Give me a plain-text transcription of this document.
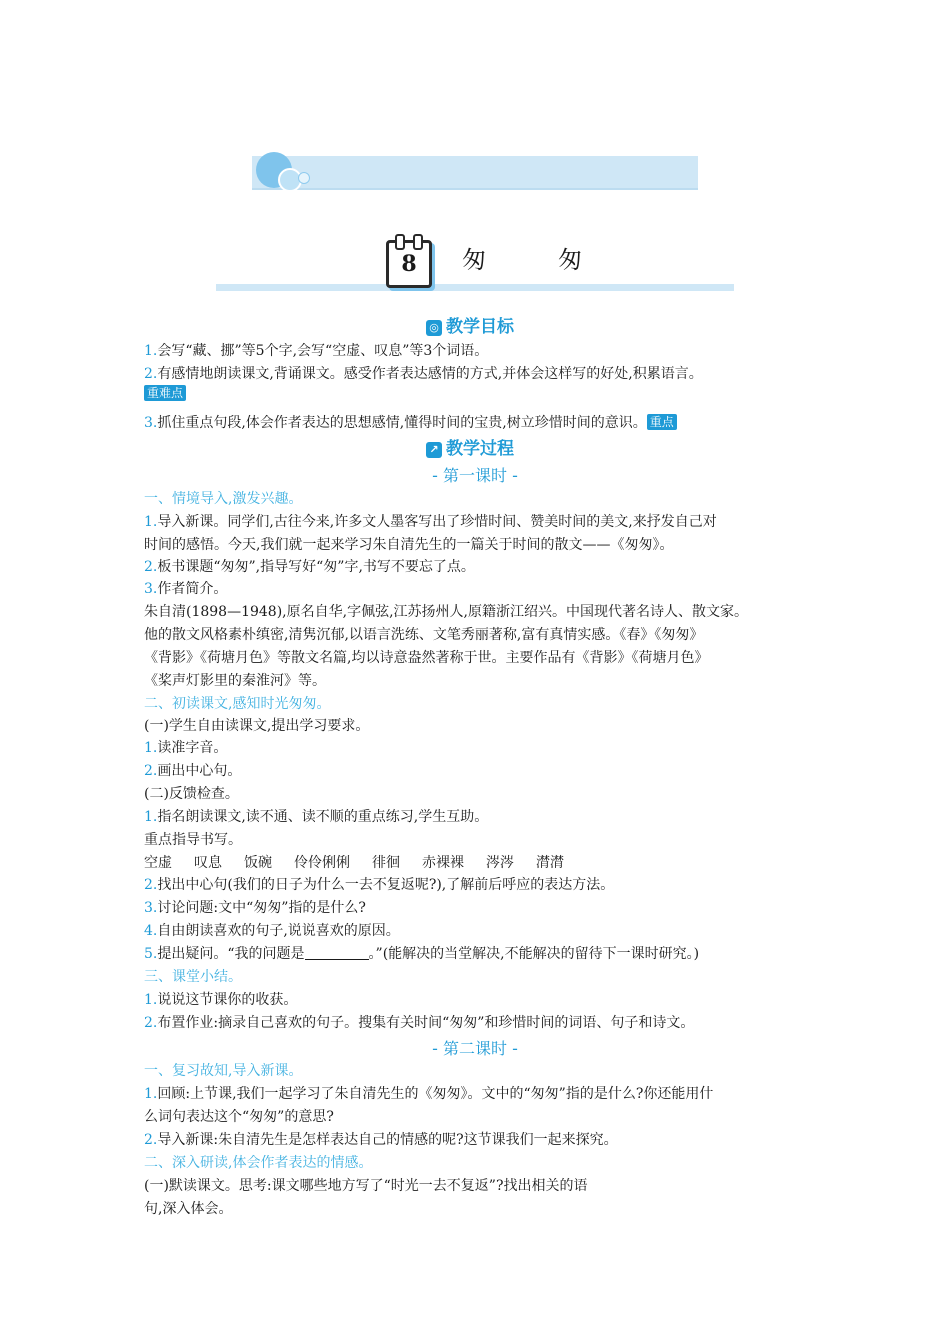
8	匆　匆
◎ 教学目标
1.会写“藏、挪”等5个字,会写“空虚、叹息”等3个词语。
2.有感情地朗读课文,背诵课文。感受作者表达感情的方式,并体会这样写的好处,积累语言。
重难点
3.抓住重点句段,体会作者表达的思想感情,懂得时间的宝贵,树立珍惜时间的意识。 重点
↗ 教学过程
- 第一课时 -
一、情境导入,激发兴趣。
1.导入新课。同学们,古往今来,许多文人墨客写出了珍惜时间、赞美时间的美文,来抒发自己对
时间的感悟。今天,我们就一起来学习朱自清先生的一篇关于时间的散文——《匆匆》。
2.板书课题“匆匆”,指导写好“匆”字,书写不要忘了点。
3.作者简介。
朱自清(1898—1948),原名自华,字佩弦,江苏扬州人,原籍浙江绍兴。中国现代著名诗人、散文家。
他的散文风格素朴缜密,清隽沉郁,以语言洗练、文笔秀丽著称,富有真情实感。《春》《匆匆》
《背影》《荷塘月色》等散文名篇,均以诗意盎然著称于世。主要作品有《背影》《荷塘月色》
《桨声灯影里的秦淮河》等。
二、初读课文,感知时光匆匆。
(一)学生自由读课文,提出学习要求。
1.读准字音。
2.画出中心句。
(二)反馈检查。
1.指名朗读课文,读不通、读不顺的重点练习,学生互助。
重点指导书写。
空虚 叹息 饭碗 伶伶俐俐 徘徊 赤裸裸 涔涔 潸潸
2.找出中心句(我们的日子为什么一去不复返呢?),了解前后呼应的表达方法。
3.讨论问题:文中“匆匆”指的是什么?
4.自由朗读喜欢的句子,说说喜欢的原因。
5.提出疑问。“我的问题是	。”(能解决的当堂解决,不能解决的留待下一课时研究。)
三、课堂小结。
1.说说这节课你的收获。
2.布置作业:摘录自己喜欢的句子。搜集有关时间“匆匆”和珍惜时间的词语、句子和诗文。
- 第二课时 -
一、复习故知,导入新课。
1.回顾:上节课,我们一起学习了朱自清先生的《匆匆》。文中的“匆匆”指的是什么?你还能用什
么词句表达这个“匆匆”的意思?
2.导入新课:朱自清先生是怎样表达自己的情感的呢?这节课我们一起来探究。
二、深入研读,体会作者表达的情感。
(一)默读课文。思考:课文哪些地方写了“时光一去不复返”?找出相关的语
句,深入体会。
